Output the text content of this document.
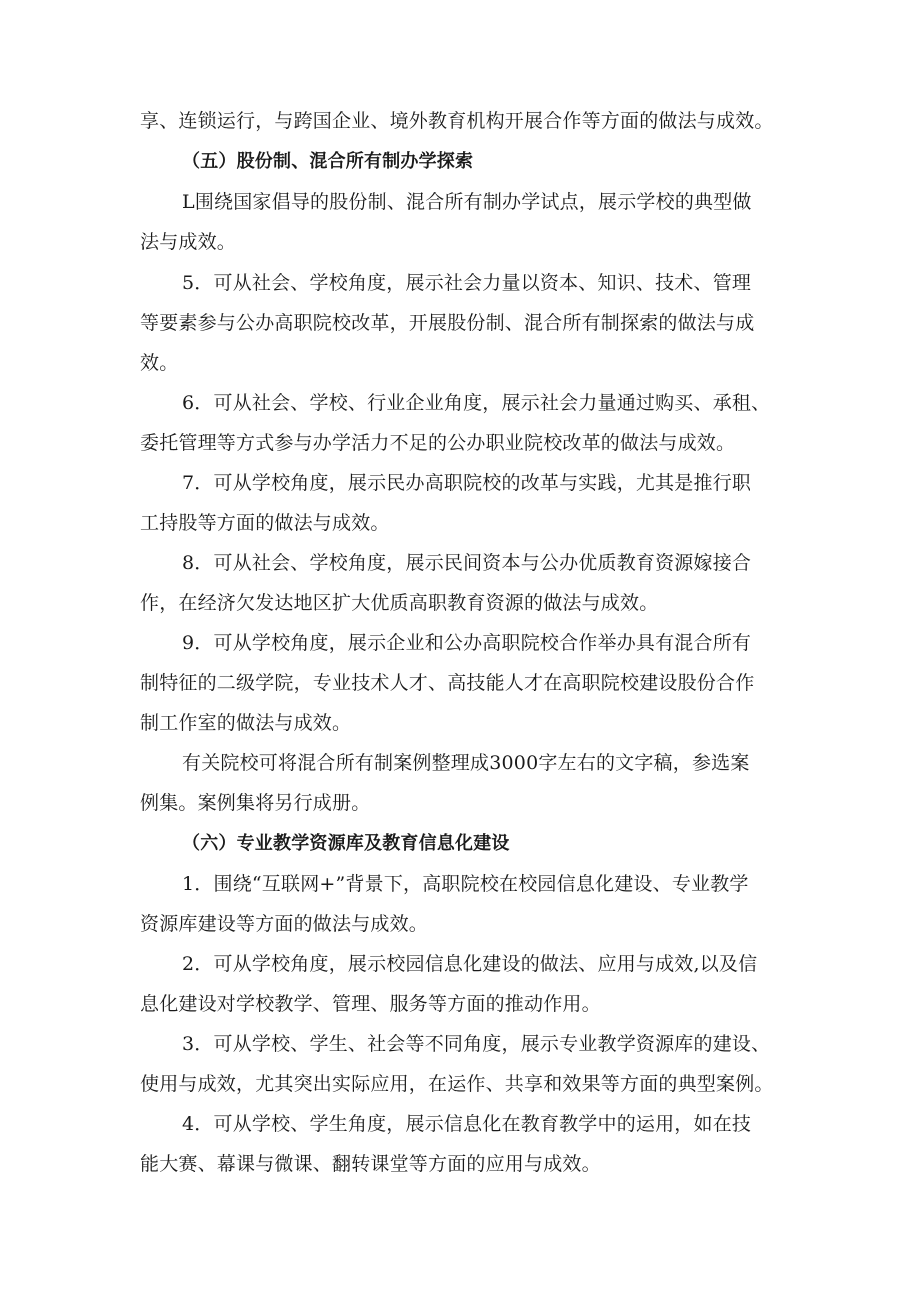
享、连锁运行，与跨国企业、境外教育机构开展合作等方面的做法与成效。
（五）股份制、混合所有制办学探索
L围绕国家倡导的股份制、混合所有制办学试点，展示学校的典型做
法与成效。
5．可从社会、学校角度，展示社会力量以资本、知识、技术、管理
等要素参与公办高职院校改革，开展股份制、混合所有制探索的做法与成
效。
6．可从社会、学校、行业企业角度，展示社会力量通过购买、承租、
委托管理等方式参与办学活力不足的公办职业院校改革的做法与成效。
7．可从学校角度，展示民办高职院校的改革与实践，尤其是推行职
工持股等方面的做法与成效。
8．可从社会、学校角度，展示民间资本与公办优质教育资源嫁接合
作，在经济欠发达地区扩大优质高职教育资源的做法与成效。
9．可从学校角度，展示企业和公办高职院校合作举办具有混合所有
制特征的二级学院，专业技术人才、高技能人才在高职院校建设股份合作
制工作室的做法与成效。
有关院校可将混合所有制案例整理成3000字左右的文字稿，参选案
例集。案例集将另行成册。
（六）专业教学资源库及教育信息化建设
1．围绕“互联网+”背景下，高职院校在校园信息化建设、专业教学
资源库建设等方面的做法与成效。
2．可从学校角度，展示校园信息化建设的做法、应用与成效,以及信
息化建设对学校教学、管理、服务等方面的推动作用。
3．可从学校、学生、社会等不同角度，展示专业教学资源库的建设、
使用与成效，尤其突出实际应用，在运作、共享和效果等方面的典型案例。
4．可从学校、学生角度，展示信息化在教育教学中的运用，如在技
能大赛、幕课与微课、翻转课堂等方面的应用与成效。
